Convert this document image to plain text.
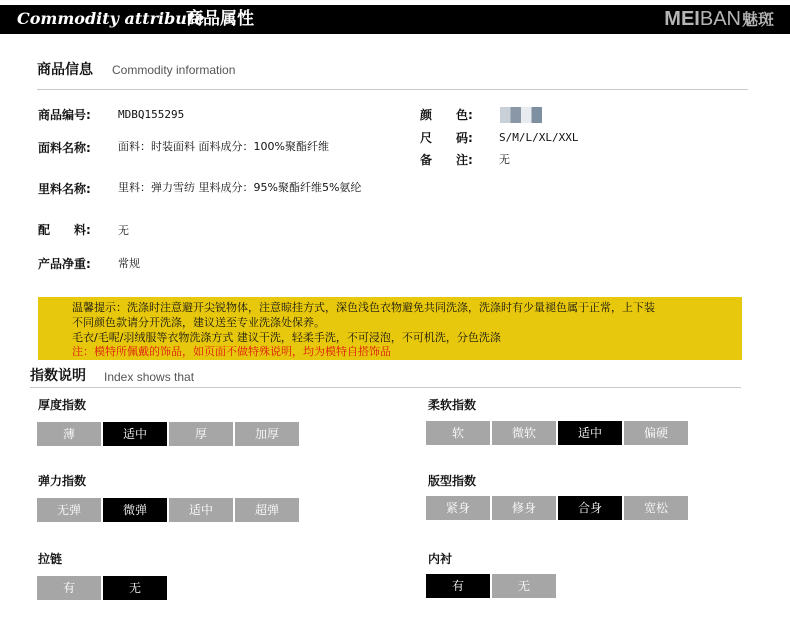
Commodity attribute
商品属性	MEIBAN魅斑
商品信息 Commodity information
商品编号: MDBQ155295
面料名称: 面料：时装面料 面料成分：100%聚酯纤维
里料名称: 里料：弹力雪纺 里料成分：95%聚酯纤维5%氨纶
配　　料: 无
产品净重: 常规
颜　　色:
尺　　码: S/M/L/XL/XXL
备　　注: 无
温馨提示：洗涤时注意避开尖锐物体，注意晾挂方式，深色浅色衣物避免共同洗涤，洗涤时有少量褪色属于正常，上下装
不同颜色款请分开洗涤，建议送至专业洗涤处保养。
毛衣/毛呢/羽绒服等衣物洗涤方式 建议干洗，轻柔手洗，不可浸泡，不可机洗，分色洗涤
注：模特所佩戴的饰品，如页面不做特殊说明，均为模特自搭饰品
指数说明 Index shows that
厚度指数
薄	适中	厚	加厚
柔软指数
软	微软	适中	偏硬
弹力指数
无弹	微弹	适中	超弹
版型指数
紧身	修身	合身	宽松
拉链
有	无
内衬
有	无
